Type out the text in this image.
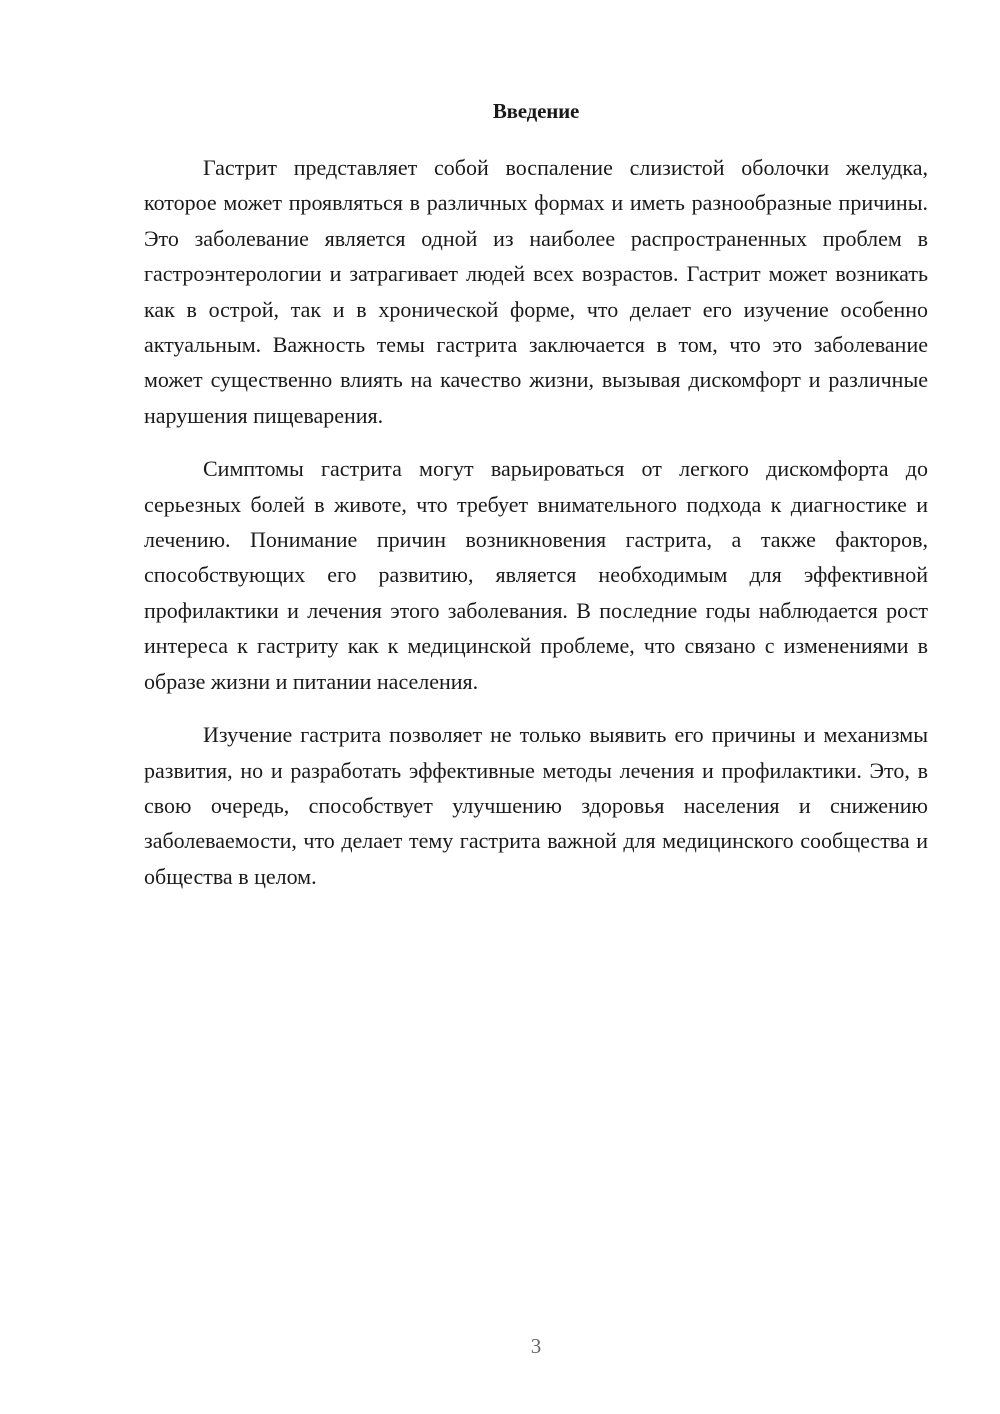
Введение

Гастрит представляет собой воспаление слизистой оболочки желудка, которое может проявляться в различных формах и иметь разнообразные причины. Это заболевание является одной из наиболее распространенных проблем в гастроэнтерологии и затрагивает людей всех возрастов. Гастрит может возникать как в острой, так и в хронической форме, что делает его изучение особенно актуальным. Важность темы гастрита заключается в том, что это заболевание может существенно влиять на качество жизни, вызывая дискомфорт и различные нарушения пищеварения.

Симптомы гастрита могут варьироваться от легкого дискомфорта до серьезных болей в животе, что требует внимательного подхода к диагностике и лечению. Понимание причин возникновения гастрита, а также факторов, способствующих его развитию, является необходимым для эффективной профилактики и лечения этого заболевания. В последние годы наблюдается рост интереса к гастриту как к медицинской проблеме, что связано с изменениями в образе жизни и питании населения.

Изучение гастрита позволяет не только выявить его причины и механизмы развития, но и разработать эффективные методы лечения и профилактики. Это, в свою очередь, способствует улучшению здоровья населения и снижению заболеваемости, что делает тему гастрита важной для медицинского сообщества и общества в целом.

3
